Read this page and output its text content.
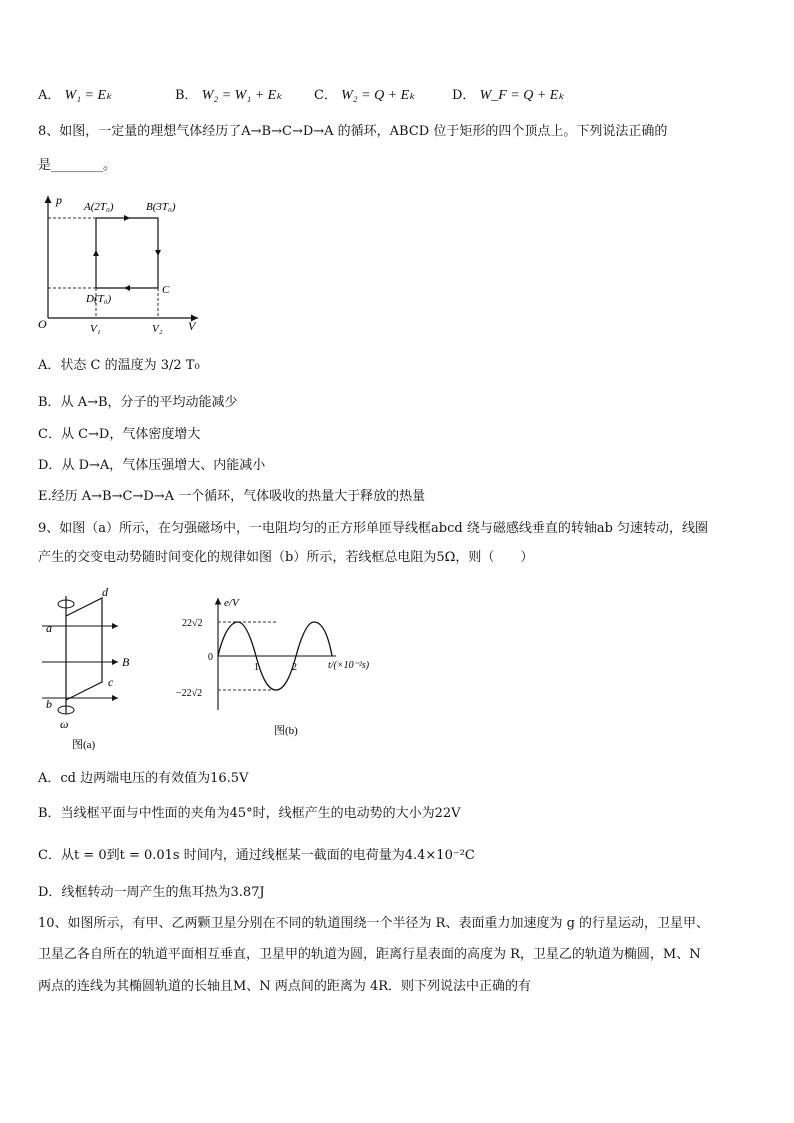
A． W₁ = Eₖ	B． W₂ = W₁ + Eₖ C． W₂ = Q + Eₖ	D． W_F = Q + Eₖ
8、如图，一定量的理想气体经历了A→B→C→D→A 的循环，ABCD 位于矩形的四个顶点上。下列说法正确的
是________。
p
V
O
A(2T₀)	B(3T₀)
C
D(T₀)
V₁	V₂
A．状态 C 的温度为 3/2 T₀
B．从 A→B，分子的平均动能减少
C．从 C→D，气体密度增大
D．从 D→A，气体压强增大、内能减小
E.经历 A→B→C→D→A 一个循环，气体吸收的热量大于释放的热量
9、如图（a）所示，在匀强磁场中，一电阻均匀的正方形单匝导线框abcd 绕与磁感线垂直的转轴ab 匀速转动，线圈
产生的交变电动势随时间变化的规律如图（b）所示，若线框总电阻为5Ω，则（　　）
a
b
c
d
B
ω
图(a)
e/V
t/(×10⁻²s)
22√2
−22√2
0
1	2
图(b)
A．cd 边两端电压的有效值为16.5V
B．当线框平面与中性面的夹角为45°时，线框产生的电动势的大小为22V
C．从t = 0到t = 0.01s 时间内，通过线框某一截面的电荷量为4.4×10⁻²C
D．线框转动一周产生的焦耳热为3.87J
10、如图所示，有甲、乙两颗卫星分别在不同的轨道围绕一个半径为 R、表面重力加速度为 g 的行星运动，卫星甲、
卫星乙各自所在的轨道平面相互垂直，卫星甲的轨道为圆，距离行星表面的高度为 R，卫星乙的轨道为椭圆，M、N
两点的连线为其椭圆轨道的长轴且M、N 两点间的距离为 4R．则下列说法中正确的有
